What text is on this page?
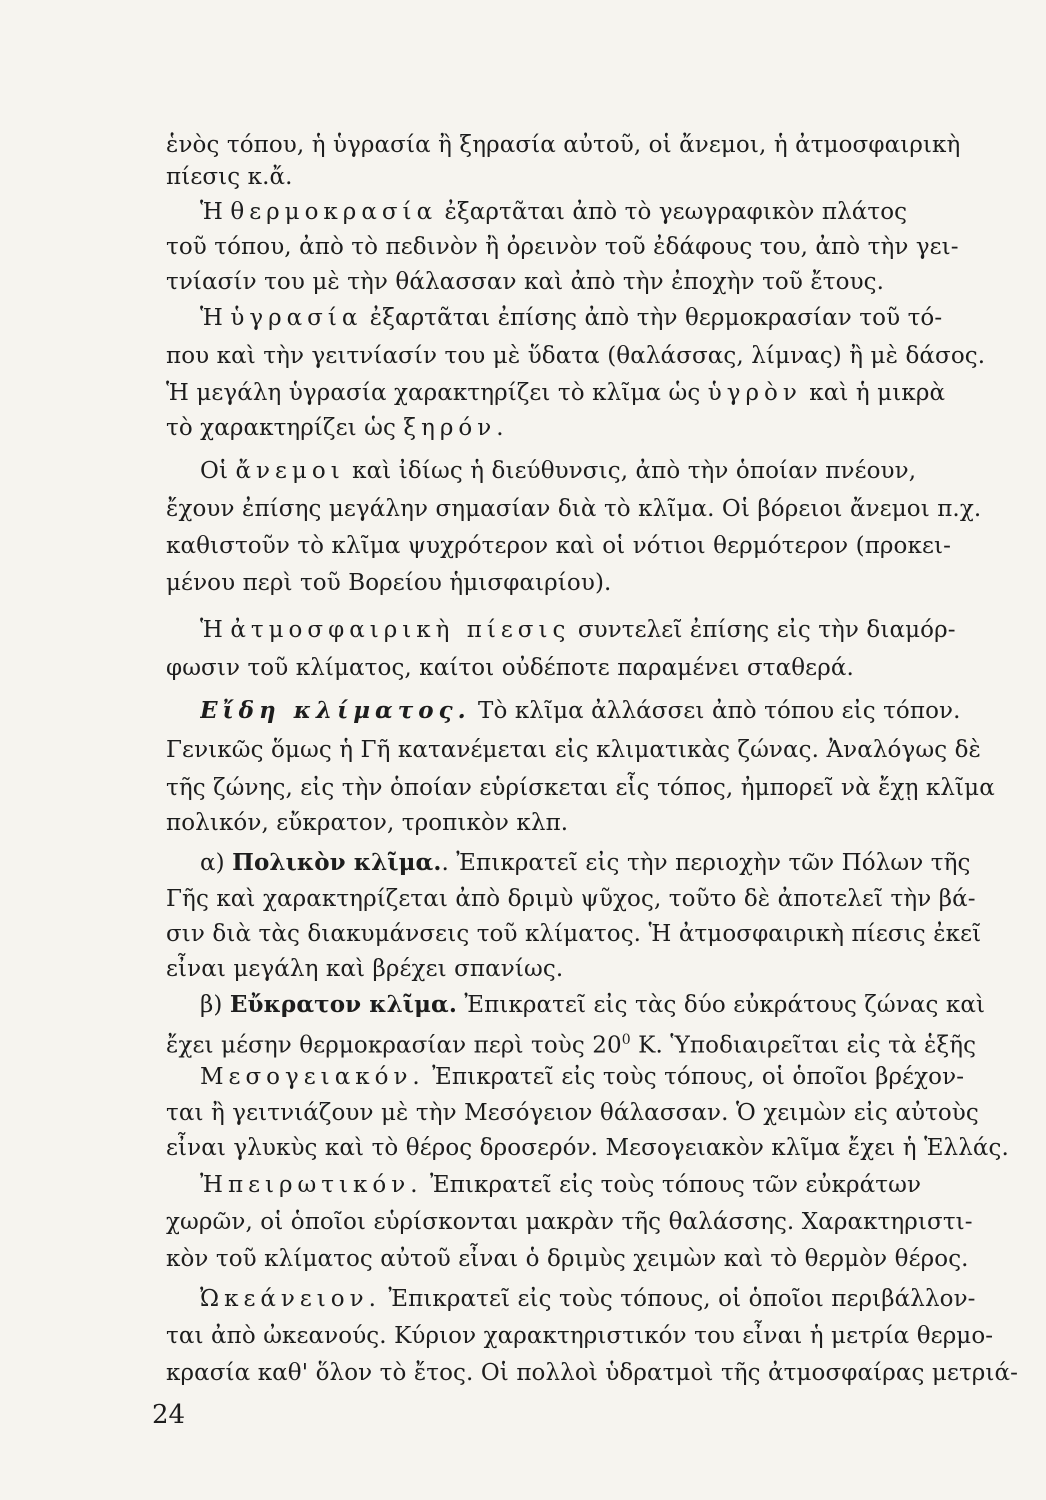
ἑνὸς τόπου, ἡ ὑγρασία ἢ ξηρασία αὐτοῦ, οἱ ἄνεμοι, ἡ ἀτμοσφαιρικὴ
πίεσις κ.ἄ.
Ἡ θερμοκρασία ἐξαρτᾶται ἀπὸ τὸ γεωγραφικὸν πλάτος
τοῦ τόπου, ἀπὸ τὸ πεδινὸν ἢ ὀρεινὸν τοῦ ἐδάφους του, ἀπὸ τὴν γει-
τνίασίν του μὲ τὴν θάλασσαν καὶ ἀπὸ τὴν ἐποχὴν τοῦ ἔτους.
Ἡ ὑγρασία ἐξαρτᾶται ἐπίσης ἀπὸ τὴν θερμοκρασίαν τοῦ τό-
που καὶ τὴν γειτνίασίν του μὲ ὕδατα (θαλάσσας, λίμνας) ἢ μὲ δάσος.
Ἡ μεγάλη ὑγρασία χαρακτηρίζει τὸ κλῖμα ὡς ὑγρὸν καὶ ἡ μικρὰ
τὸ χαρακτηρίζει ὡς ξηρόν.
Οἱ ἄνεμοι καὶ ἰδίως ἡ διεύθυνσις, ἀπὸ τὴν ὁποίαν πνέουν,
ἔχουν ἐπίσης μεγάλην σημασίαν διὰ τὸ κλῖμα. Οἱ βόρειοι ἄνεμοι π.χ.
καθιστοῦν τὸ κλῖμα ψυχρότερον καὶ οἱ νότιοι θερμότερον (προκει-
μένου περὶ τοῦ Βορείου ἡμισφαιρίου).
Ἡ ἀτμοσφαιρικὴ πίεσις συντελεῖ ἐπίσης εἰς τὴν διαμόρ-
φωσιν τοῦ κλίματος, καίτοι οὐδέποτε παραμένει σταθερά.
Εἴδη κλίματος. Τὸ κλῖμα ἀλλάσσει ἀπὸ τόπου εἰς τόπον.
Γενικῶς ὅμως ἡ Γῆ κατανέμεται εἰς κλιματικὰς ζώνας. Ἀναλόγως δὲ
τῆς ζώνης, εἰς τὴν ὁποίαν εὑρίσκεται εἷς τόπος, ἠμπορεῖ νὰ ἔχῃ κλῖμα
πολικόν, εὔκρατον, τροπικὸν κλπ.
α) Πολικὸν κλῖμα.. Ἐπικρατεῖ εἰς τὴν περιοχὴν τῶν Πόλων τῆς
Γῆς καὶ χαρακτηρίζεται ἀπὸ δριμὺ ψῦχος, τοῦτο δὲ ἀποτελεῖ τὴν βά-
σιν διὰ τὰς διακυμάνσεις τοῦ κλίματος. Ἡ ἀτμοσφαιρικὴ πίεσις ἐκεῖ
εἶναι μεγάλη καὶ βρέχει σπανίως.
β) Εὔκρατον κλῖμα. Ἐπικρατεῖ εἰς τὰς δύο εὐκράτους ζώνας καὶ
ἔχει μέσην θερμοκρασίαν περὶ τοὺς $20^0$ K. Ὑποδιαιρεῖται εἰς τὰ ἑξῆς
Μεσογειακόν. Ἐπικρατεῖ εἰς τοὺς τόπους, οἱ ὁποῖοι βρέχον-
ται ἢ γειτνιάζουν μὲ τὴν Μεσόγειον θάλασσαν. Ὁ χειμὼν εἰς αὐτοὺς
εἶναι γλυκὺς καὶ τὸ θέρος δροσερόν. Μεσογειακὸν κλῖμα ἔχει ἡ Ἑλλάς.
Ἠπειρωτικόν. Ἐπικρατεῖ εἰς τοὺς τόπους τῶν εὐκράτων
χωρῶν, οἱ ὁποῖοι εὑρίσκονται μακρὰν τῆς θαλάσσης. Χαρακτηριστι-
κὸν τοῦ κλίματος αὐτοῦ εἶναι ὁ δριμὺς χειμὼν καὶ τὸ θερμὸν θέρος.
Ὠκεάνειον. Ἐπικρατεῖ εἰς τοὺς τόπους, οἱ ὁποῖοι περιβάλλον-
ται ἀπὸ ὠκεανούς. Κύριον χαρακτηριστικόν του εἶναι ἡ μετρία θερμο-
κρασία καθ' ὅλον τὸ ἔτος. Οἱ πολλοὶ ὑδρατμοὶ τῆς ἀτμοσφαίρας μετριά-
24
